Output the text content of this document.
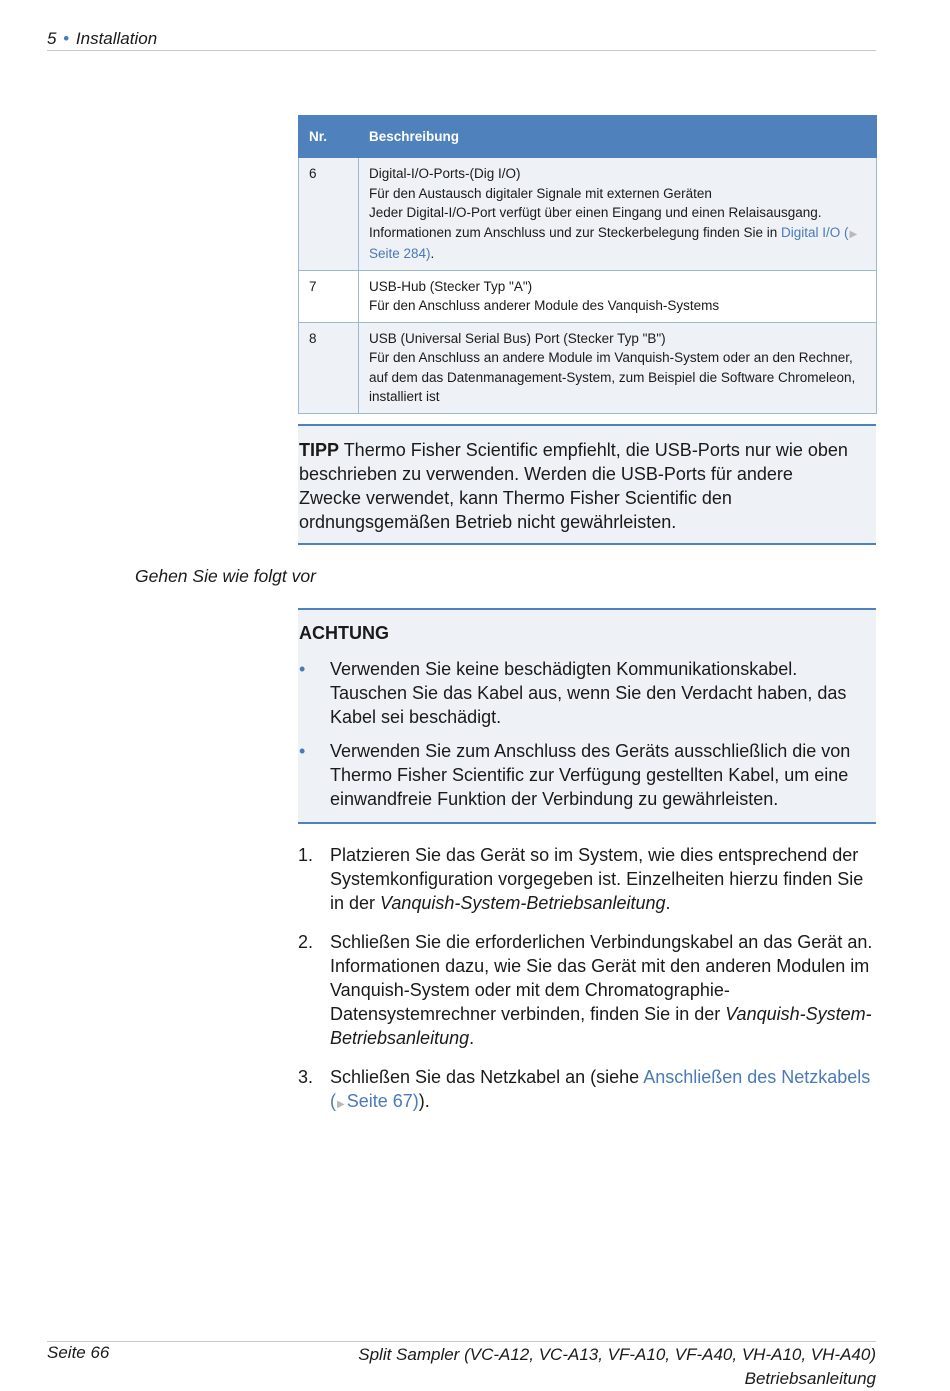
5 • Installation
Nr.	Beschreibung
6	Digital-I/O-Ports-(Dig I/O)
Für den Austausch digitaler Signale mit externen Geräten
Jeder Digital-I/O-Port verfügt über einen Eingang und einen Relaisausgang.
Informationen zum Anschluss und zur Steckerbelegung finden Sie in Digital I/O (▶Seite 284).

7	USB-Hub (Stecker Typ "A")
Für den Anschluss anderer Module des Vanquish-Systems

8	USB (Universal Serial Bus) Port (Stecker Typ "B")
Für den Anschluss an andere Module im Vanquish-System oder an den Rechner, auf dem das Datenmanagement-System, zum Beispiel die Software Chromeleon, installiert ist
TIPP Thermo Fisher Scientific empfiehlt, die USB-Ports nur wie oben beschrieben zu verwenden. Werden die USB-Ports für andere Zwecke verwendet, kann Thermo Fisher Scientific den ordnungsgemäßen Betrieb nicht gewährleisten.
Gehen Sie wie folgt vor
ACHTUNG
• Verwenden Sie keine beschädigten Kommunikationskabel. Tauschen Sie das Kabel aus, wenn Sie den Verdacht haben, das Kabel sei beschädigt.
• Verwenden Sie zum Anschluss des Geräts ausschließlich die von Thermo Fisher Scientific zur Verfügung gestellten Kabel, um eine einwandfreie Funktion der Verbindung zu gewährleisten.
1. Platzieren Sie das Gerät so im System, wie dies entsprechend der Systemkonfiguration vorgegeben ist. Einzelheiten hierzu finden Sie in der Vanquish-System-Betriebsanleitung.
2. Schließen Sie die erforderlichen Verbindungskabel an das Gerät an. Informationen dazu, wie Sie das Gerät mit den anderen Modulen im Vanquish-System oder mit dem Chromatographie-Datensystemrechner verbinden, finden Sie in der Vanquish-System-Betriebsanleitung.
3. Schließen Sie das Netzkabel an (siehe Anschließen des Netzkabels (▶ Seite 67)).
Seite 66	Split Sampler (VC-A12, VC-A13, VF-A10, VF-A40, VH-A10, VH-A40)
Betriebsanleitung
